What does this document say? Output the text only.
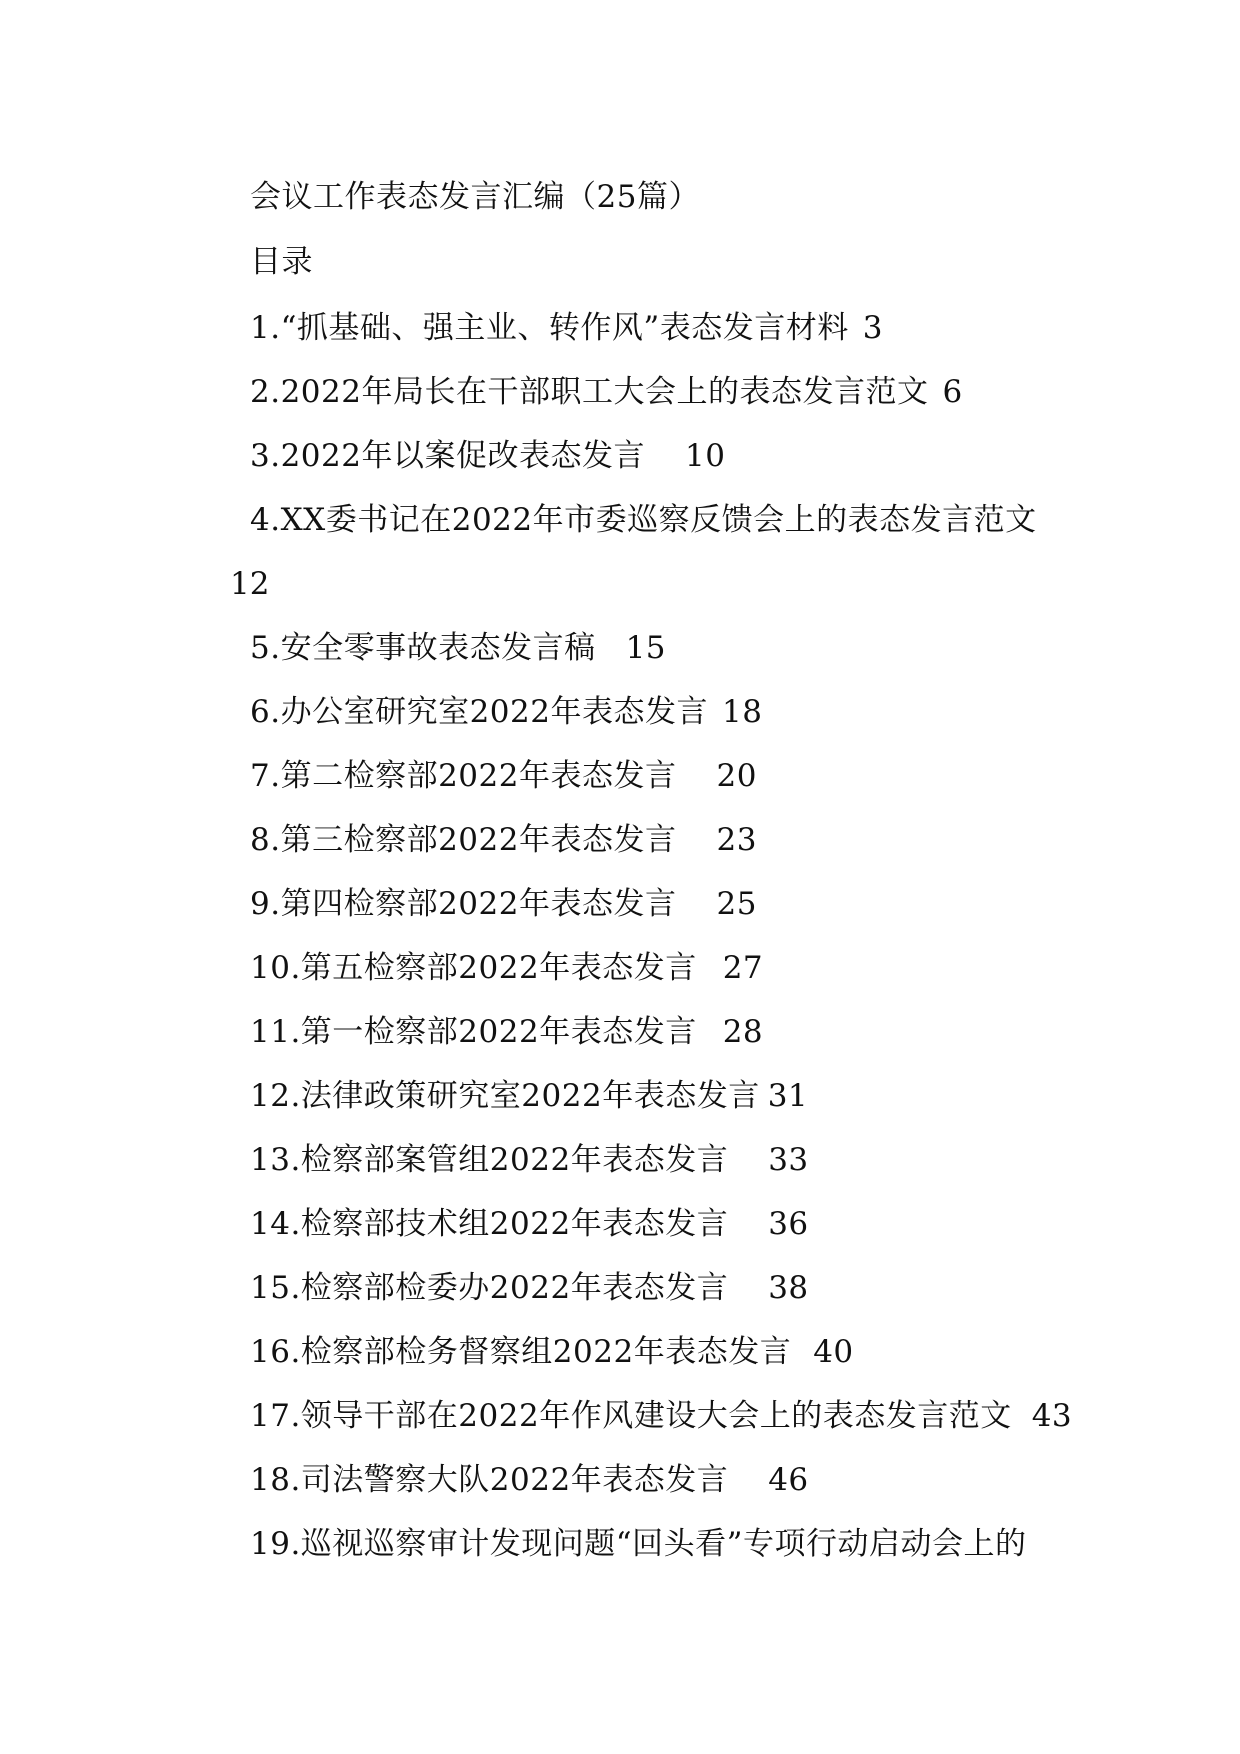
会议工作表态发言汇编（25篇）
目录
1.“抓基础、强主业、转作风”表态发言材料 3
2.2022年局长在干部职工大会上的表态发言范文 6
3.2022年以案促改表态发言 10
4.XX委书记在2022年市委巡察反馈会上的表态发言范文
12
5.安全零事故表态发言稿 15
6.办公室研究室2022年表态发言 18
7.第二检察部2022年表态发言 20
8.第三检察部2022年表态发言 23
9.第四检察部2022年表态发言 25
10.第五检察部2022年表态发言 27
11.第一检察部2022年表态发言 28
12.法律政策研究室2022年表态发言 31
13.检察部案管组2022年表态发言 33
14.检察部技术组2022年表态发言 36
15.检察部检委办2022年表态发言 38
16.检察部检务督察组2022年表态发言 40
17.领导干部在2022年作风建设大会上的表态发言范文 43
18.司法警察大队2022年表态发言 46
19.巡视巡察审计发现问题“回头看”专项行动启动会上的
